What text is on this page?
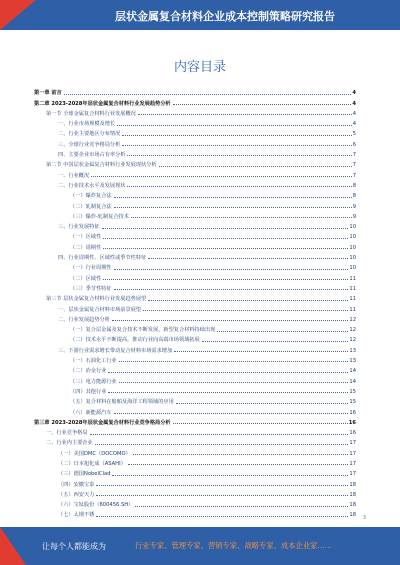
层状金属复合材料企业成本控制策略研究报告
内容目录
第一章 前言	4
第二章 2023-2028年层状金属复合材料行业发展趋势分析	4
第一节 全球金属复合材料行业发展概况	4
一、行业市场规模及增长	4
二、行业主要地区分布情况	5
三、全球行业竞争格局分析	6
四、主要企业市场占有率分析	7
第二节 中国层状金属复合材料行业发展现状分析	7
一、行业概况	7
二、行业技术水平及发展现状	8
（一）爆炸复合法	8
（二）轧制复合法	9
（三）爆炸-轧制复合技术	9
三、行业发展特征	10
（一）区域性	10
（二）周期性	10
四、行业周期性、区域性或季节性特征	10
（一）行业周期性	10
（二）区域性	11
（三）季节性特征	11
第三节 层状金属复合材料行业发展趋势展望	11
一、层状金属复合材料市场前景展望	11
二、行业发展趋势分析	12
（一）复合层金属及复合技术不断发展，新型复合材料持续出现	12
（二）技术水平不断提高，推动行业向高端市场领域拓展	12
三、下游行业需求增长带动复合材料市场需求增加	13
（一）石油化工行业	13
（二）冶金行业	14
（三）电力能源行业	14
（四）其他行业	15
（五）复合材料在船舶及海洋工程领域的应用	15
（六）新能源汽车	16
第三章 2023-2028年层状金属复合材料行业竞争格局分析	16
一、行业竞争格局	16
二、行业内主要企业	17
（一）美国DMC（DOCOMO）	17
（二）日本旭化成（ASAHI）	17
（三）德国NobelClad	17
（四）安徽宝泰	18
（五）西安天力	18
（六）宝钛股份（600456.SH）	18
（七）太钢不锈	18 3
让每个人都能成为	行业专家、管理专家、营销专家、战略专家、成本企业家……
